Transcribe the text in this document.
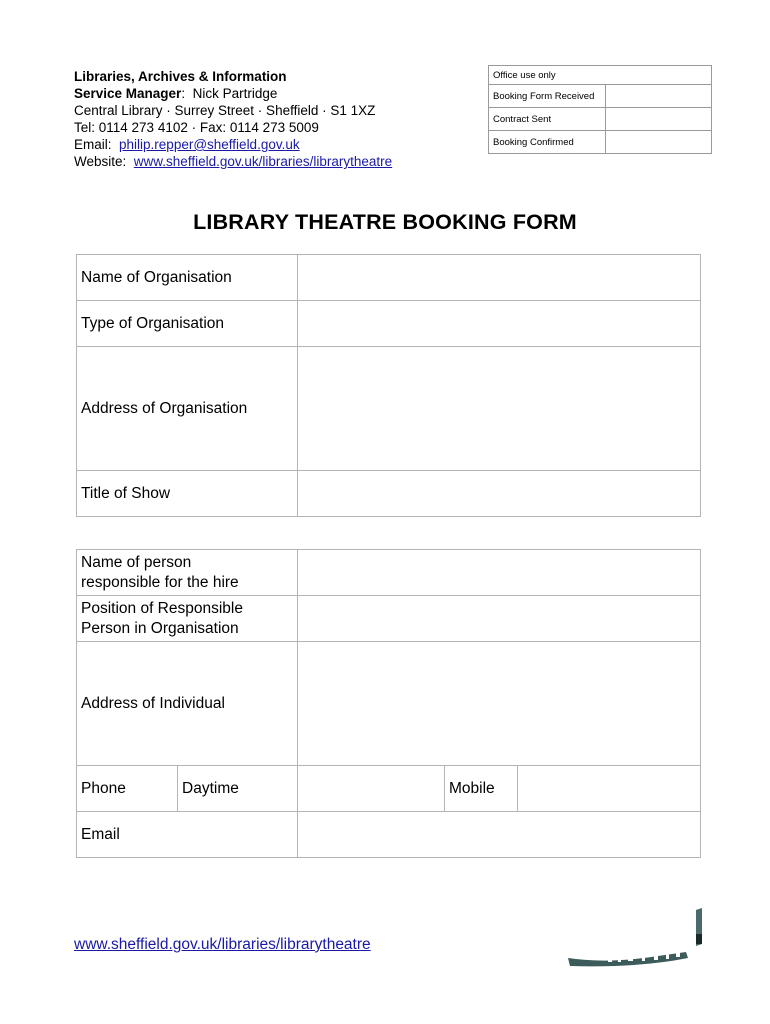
Libraries, Archives & Information
Service Manager:  Nick Partridge
Central Library · Surrey Street · Sheffield · S1 1XZ
Tel: 0114 273 4102 · Fax: 0114 273 5009
Email: philip.repper@sheffield.gov.uk
Website: www.sheffield.gov.uk/libraries/librarytheatre
Office use only	
Booking Form Received	
Contract Sent	
Booking Confirmed	
LIBRARY THEATRE BOOKING FORM
Name of Organisation	
Type of Organisation	
Address of Organisation	
Title of Show	
Name of person
responsible for the hire				
Position of Responsible
Person in Organisation				
Address of Individual				
Phone	Daytime		Mobile	
Email				
www.sheffield.gov.uk/libraries/librarytheatre
